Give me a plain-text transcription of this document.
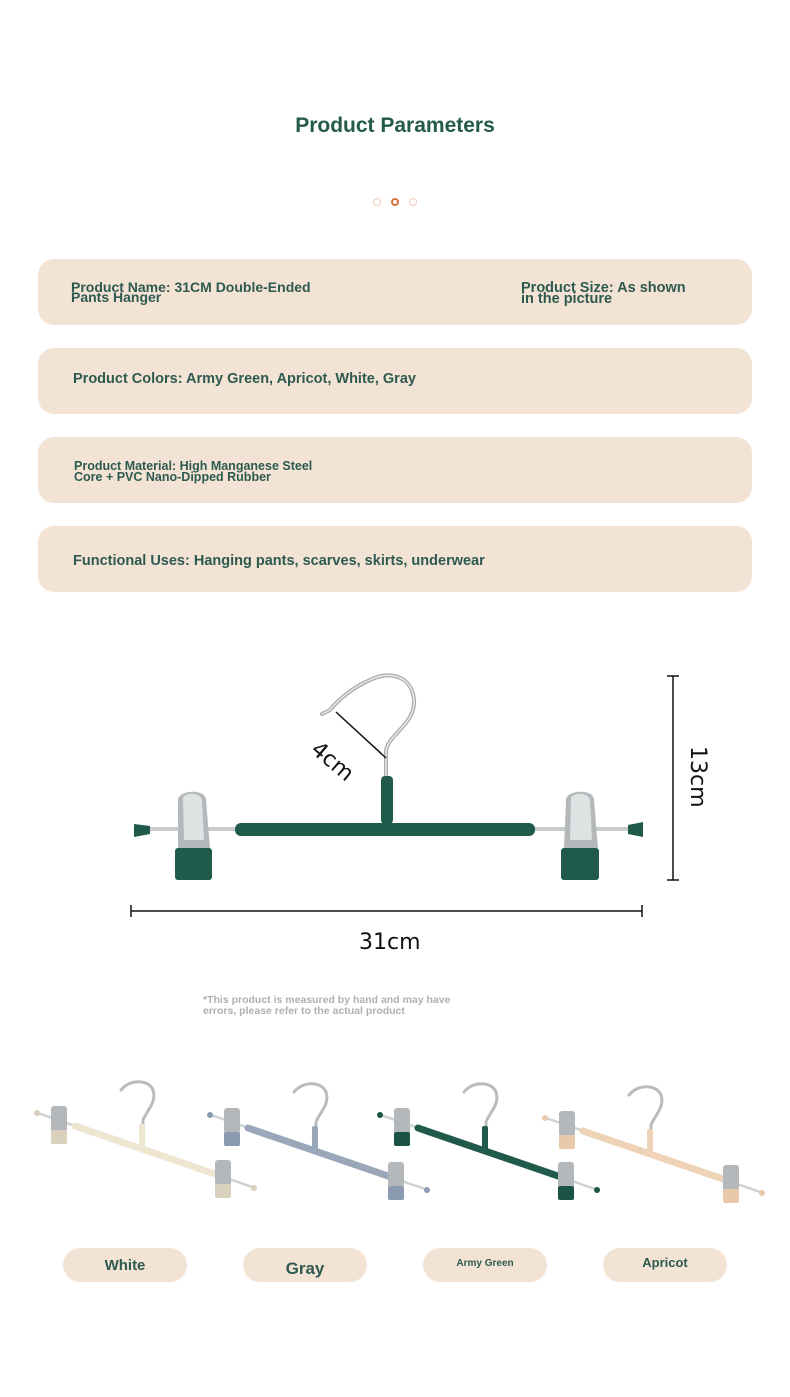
Product Parameters
Product Name: 31CM Double-Ended
Pants Hanger
Product Size: As shown
in the picture
Product Colors: Army Green, Apricot, White, Gray
Product Material: High Manganese Steel
Core + PVC Nano-Dipped Rubber
Functional Uses: Hanging pants, scarves, skirts, underwear
4cm	13cm
31cm
*This product is measured by hand and may have
errors, please refer to the actual product
White	Gray	Army Green	Apricot
